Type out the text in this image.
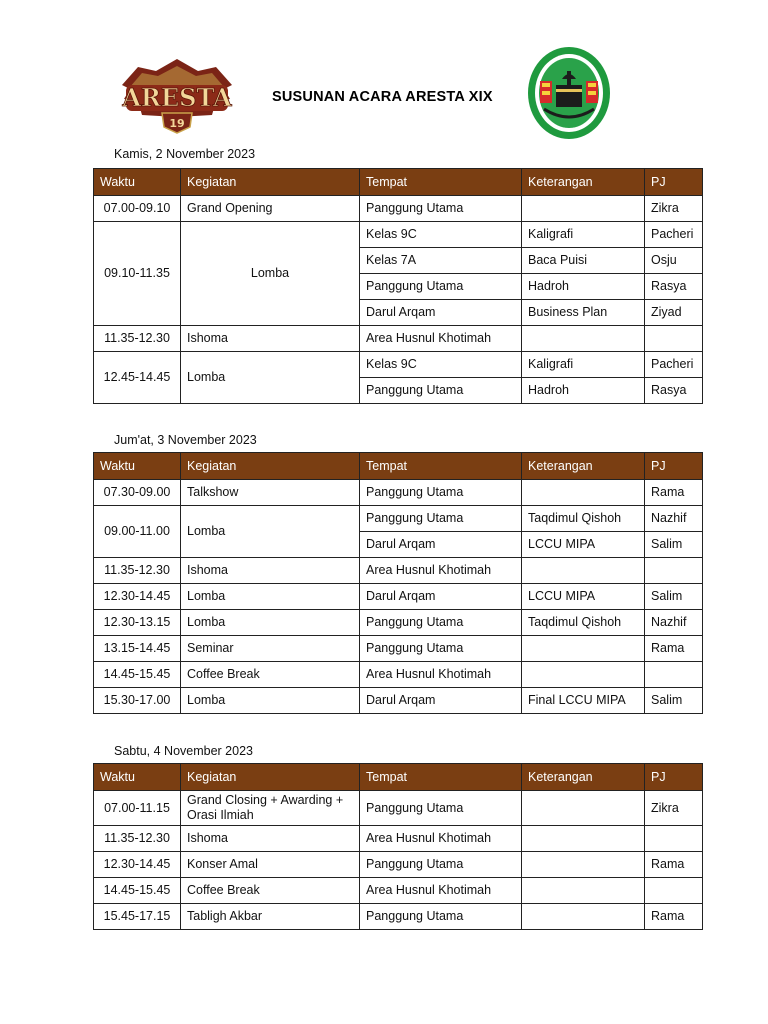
ARESTA
19
SUSUNAN ACARA ARESTA XIX
Kamis, 2 November 2023
Waktu	Kegiatan	Tempat	Keterangan	PJ
07.00-09.10	Grand Opening	Panggung Utama		Zikra
09.10-11.35	Lomba	Kelas 9C	Kaligrafi	Pacheri
		Kelas 7A	Baca Puisi	Osju
		Panggung Utama	Hadroh	Rasya
		Darul Arqam	Business Plan	Ziyad
11.35-12.30	Ishoma	Area Husnul Khotimah		
12.45-14.45	Lomba	Kelas 9C	Kaligrafi	Pacheri
		Panggung Utama	Hadroh	Rasya
Jum'at, 3 November 2023
Waktu	Kegiatan	Tempat	Keterangan	PJ
07.30-09.00	Talkshow	Panggung Utama		Rama
09.00-11.00	Lomba	Panggung Utama	Taqdimul Qishoh	Nazhif
		Darul Arqam	LCCU MIPA	Salim
11.35-12.30	Ishoma	Area Husnul Khotimah		
12.30-14.45	Lomba	Darul Arqam	LCCU MIPA	Salim
12.30-13.15	Lomba	Panggung Utama	Taqdimul Qishoh	Nazhif
13.15-14.45	Seminar	Panggung Utama		Rama
14.45-15.45	Coffee Break	Area Husnul Khotimah		
15.30-17.00	Lomba	Darul Arqam	Final LCCU MIPA	Salim
Sabtu, 4 November 2023
Waktu	Kegiatan	Tempat	Keterangan	PJ
07.00-11.15	Grand Closing + Awarding +
Orasi Ilmiah	Panggung Utama		Zikra
11.35-12.30	Ishoma	Area Husnul Khotimah		
12.30-14.45	Konser Amal	Panggung Utama		Rama
14.45-15.45	Coffee Break	Area Husnul Khotimah		
15.45-17.15	Tabligh Akbar	Panggung Utama		Rama
